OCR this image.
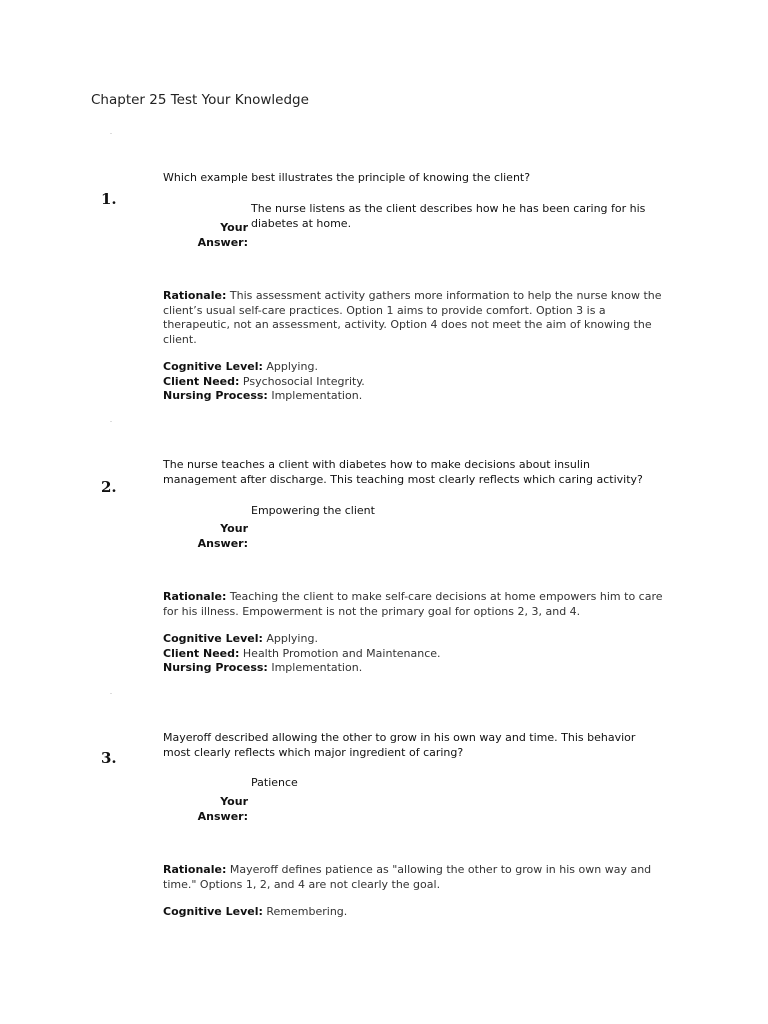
Chapter 25 Test Your Knowledge
1.
Which example best illustrates the principle of knowing the client?
The nurse listens as the client describes how he has been caring for his diabetes at home.
Your
Answer:
Rationale: This assessment activity gathers more information to help the nurse know the client’s usual self-care practices. Option 1 aims to provide comfort. Option 3 is a therapeutic, not an assessment, activity. Option 4 does not meet the aim of knowing the client.
Cognitive Level: Applying.
Client Need: Psychosocial Integrity.
Nursing Process: Implementation.
2.
The nurse teaches a client with diabetes how to make decisions about insulin management after discharge. This teaching most clearly reflects which caring activity?
Empowering the client
Your
Answer:
Rationale: Teaching the client to make self-care decisions at home empowers him to care for his illness. Empowerment is not the primary goal for options 2, 3, and 4.
Cognitive Level: Applying.
Client Need: Health Promotion and Maintenance.
Nursing Process: Implementation.
3.
Mayeroff described allowing the other to grow in his own way and time. This behavior most clearly reflects which major ingredient of caring?
Patience
Your
Answer:
Rationale: Mayeroff defines patience as "allowing the other to grow in his own way and time." Options 1, 2, and 4 are not clearly the goal.
Cognitive Level: Remembering.
